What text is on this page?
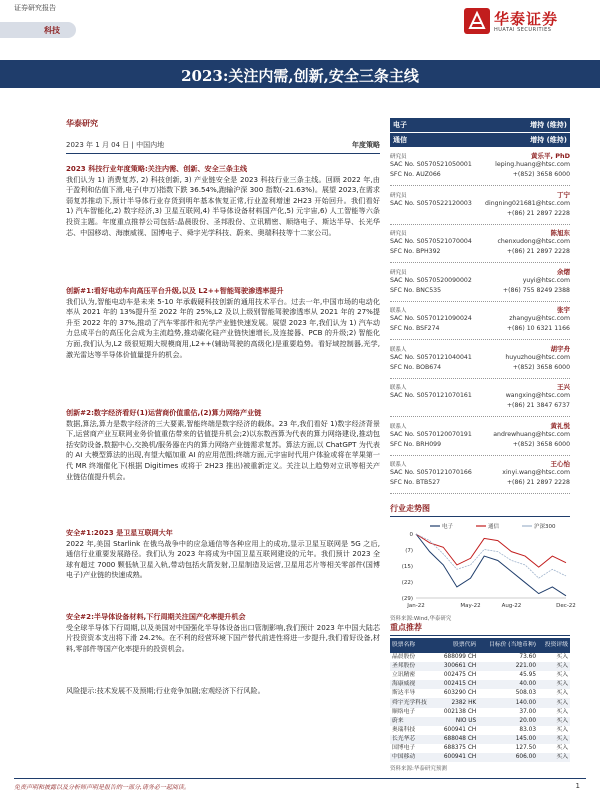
证券研究报告
科技
华泰证券
HUATAI SECURITIES
2023:关注内需,创新,安全三条主线
华泰研究
2023 年 1 月 04 日 | 中国内地	年度策略
2023 科技行业年度策略:关注内需、创新、安全三条主线
我们认为 1) 消费复苏, 2) 科技创新, 3) 产业链安全是 2023 科技行业三条主线。回顾 2022 年,由于盈利和估值下滑,电子(申万)指数下跌 36.54%,跑输沪深 300 指数(-21.63%)。展望 2023,在需求弱复苏推动下,预计半导体行业存货到明年基本恢复正常,行业盈利增速 2H23 开始回升。我们看好 1) 汽车智能化,2) 数字经济,3) 卫星互联网,4) 半导体设备材料国产化,5) 元宇宙,6) 人工智能等六条投资主题。年度重点推荐公司包括:晶晨股份、圣邦股份、立讯精密、顺络电子、斯达半导、长光华芯、中国移动、海康威视、国博电子、舜宇光学科技、蔚来、奥瑞科技等十二家公司。
创新#1:看好电动车向高压平台升级,以及 L2++智能驾驶渗透率提升
我们认为,智能电动车是未来 5-10 年承载硬科技创新的通用技术平台。过去一年,中国市场的电动化率从 2021 年的 13%提升至 2022 年的 25%,L2 及以上级别智能驾驶渗透率从 2021 年的 27%提升至 2022 年的 37%,推动了汽车零部件和光学产业链快速发展。展望 2023 年,我们认为 1) 汽车动力总成平台的高压化会成为主流趋势,推动碳化硅产业链快速增长,及连接器、PCB 的升级;2) 智能化方面,我们认为,L2 级很短期大规模商用,L2++(辅助驾驶的高级化)是重要趋势。看好域控制器,光学,激光雷达等半导体价值量提升的机会。
创新#2:数字经济看好(1)运营商价值重估,(2)算力网络产业链
数据,算法,算力是数字经济的三大要素,智能终端是数字经济的载体。23 年,我们看好 1)数字经济背景下,运营商产业互联网业务价值重估带来的估值提升机会;2)以东数西算为代表的算力网络建设,推动包括安防设备,数据中心,交换机/服务器在内的算力网络产业链需求复苏。算法方面,以 ChatGPT 为代表的 AI 大模型算法的出现,有望大幅加重 AI 的应用范围;终端方面,元宇宙时代用户体验或将在苹果第一代 MR 终端催化下(根据 Digitimes 或将于 2H23 推出)被重新定义。关注以上趋势对立讯等相关产业链估值提升机会。
安全#1:2023 是卫星互联网大年
2022 年,美国 Starlink 在俄乌战争中的应急通信等各种应用上的成功,显示卫星互联网是 5G 之后,通信行业重要发展路径。我们认为 2023 年将成为中国卫星互联网建设的元年。我们预计 2023 全球有超过 7000 颗低轨卫星入轨,带动包括火箭发射,卫星制造及运营,卫星用芯片等相关零部件(国博电子)产业链的快速成熟。
安全#2:半导体设备材料,下行周期关注国产化率提升机会
受全球半导体下行周期,以及美国对中国强化半导体设备出口管制影响,我们预计 2023 年中国大陆芯片投资资本支出将下滑 24.2%。在不利的经营环境下国产替代前进性将进一步提升,我们看好设备,材料,零部件等国产化率提升的投资机会。
风险提示:技术发展不及预期;行业竞争加剧;宏观经济下行风险。
电子	增持 (维持)
通信	增持 (维持)
研究员	黄乐平, PhD
SAC No. S0570521050001	leping.huang@htsc.com
+(852) 3658 6000
SFC No. AUZ066
研究员	丁宁
SAC No. S0570522120003 dingning021681@htsc.com
+(86) 21 2897 2228
研究员	陈旭东
SAC No. S0570521070004	chenxudong@htsc.com
+(86) 21 2897 2228
SFC No. BPH392
研究员	余熠
SAC No. S0570520090002	yuyi@htsc.com
+(86) 755 8249 2388
SFC No. BNC535
联系人	张宇
SAC No. S0570121090024	zhangyu@htsc.com
+(86) 10 6321 1166
SFC No. BSF274
联系人	胡宇舟
SAC No. S0570121040041	huyuzhou@htsc.com
+(852) 3658 6000
SFC No. BOB674
联系人	王兴
SAC No. S0570121070161	wangxing@htsc.com
+(86) 21 3847 6737
联系人	黄礼悦
SAC No. S0570120070191	andrewhuang@htsc.com
+(852) 3658 6000
SFC No. BRH099
联系人	王心怡
SAC No. S0570121070166	xinyi.wang@htsc.com
+(86) 21 2897 2228
SFC No. BTB527
行业走势图
0
(7)
(15)
(22)
(29)
Jan-22	May-22	Aug-22	Dec-22
电子	通信	沪深300
资料来源:Wind,华泰研究
重点推荐
股票名称	股票代码	目标价 (当地币种)	投资评级
晶晨股份	688099 CH	73.60	买入
圣邦股份	300661 CH	221.00	买入
立讯精密	002475 CH	45.95	买入
海康威视	002415 CH	40.00	买入
斯达半导	603290 CH	508.03	买入
舜宇光学科技	2382 HK	140.00	买入
顺络电子	002138 CH	37.00	买入
蔚来	NIO US	20.00	买入
奥瑞科技	600941 CH	83.03	买入
长光华芯	688048 CH	145.00	买入
国博电子	688375 CH	127.50	买入
中国移动	600941 CH	606.00	买入
资料来源:华泰研究预测
免责声明和披露以及分析师声明是报告的一部分,请务必一起阅读。	1
